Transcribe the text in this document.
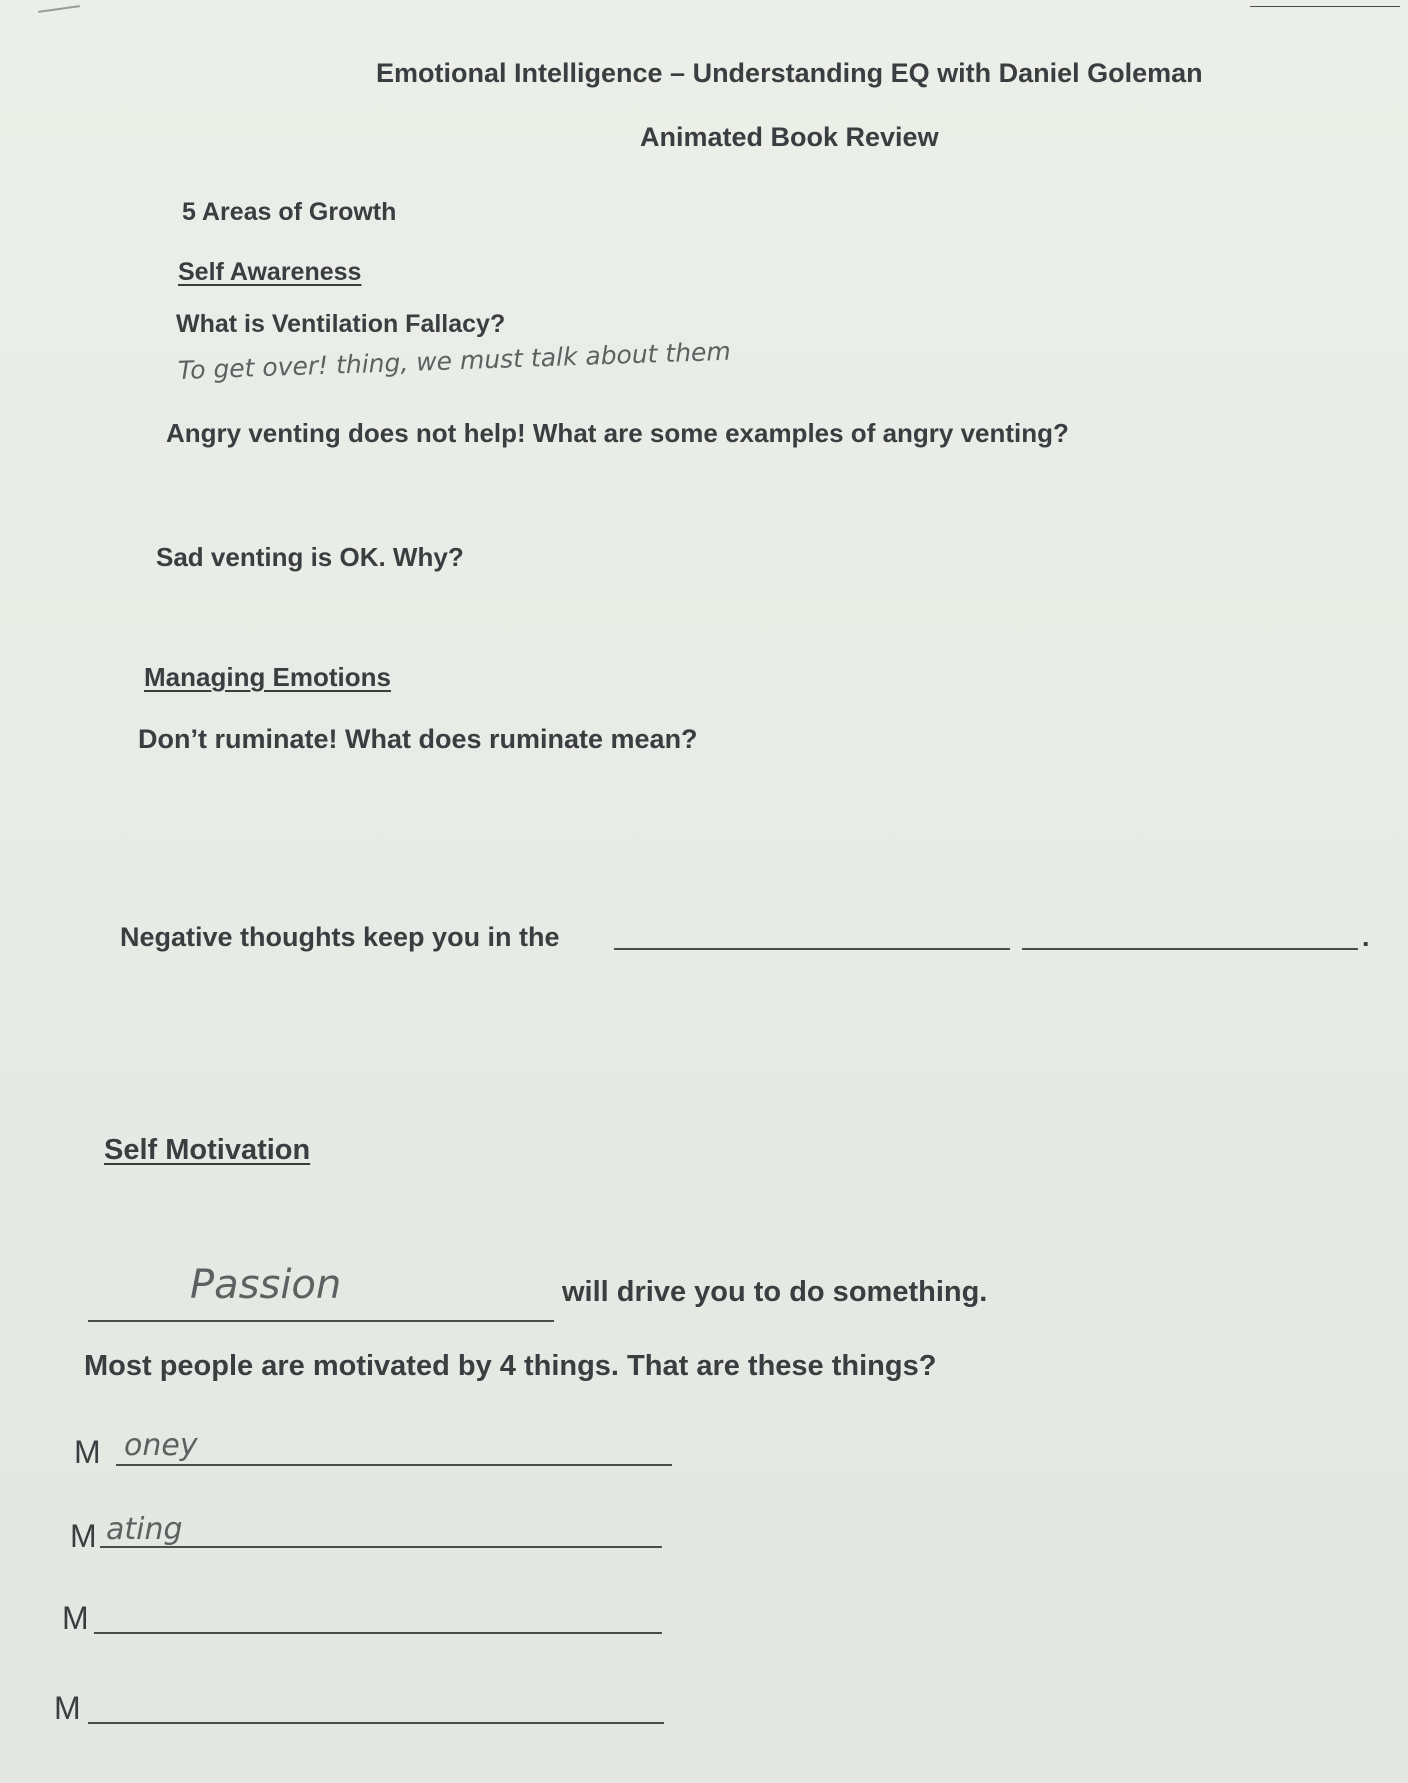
Emotional Intelligence – Understanding EQ with Daniel Goleman
Animated Book Review
5 Areas of Growth
Self Awareness
What is Ventilation Fallacy?
To get over! thing, we must talk about them
Angry venting does not help! What are some examples of angry venting?
Sad venting is OK. Why?
Managing Emotions
Don’t ruminate! What does ruminate mean?
Negative thoughts keep you in the	.
Self Motivation
Passion	will drive you to do something.
Most people are motivated by 4 things. That are these things?
M oney
M ating
M
M
